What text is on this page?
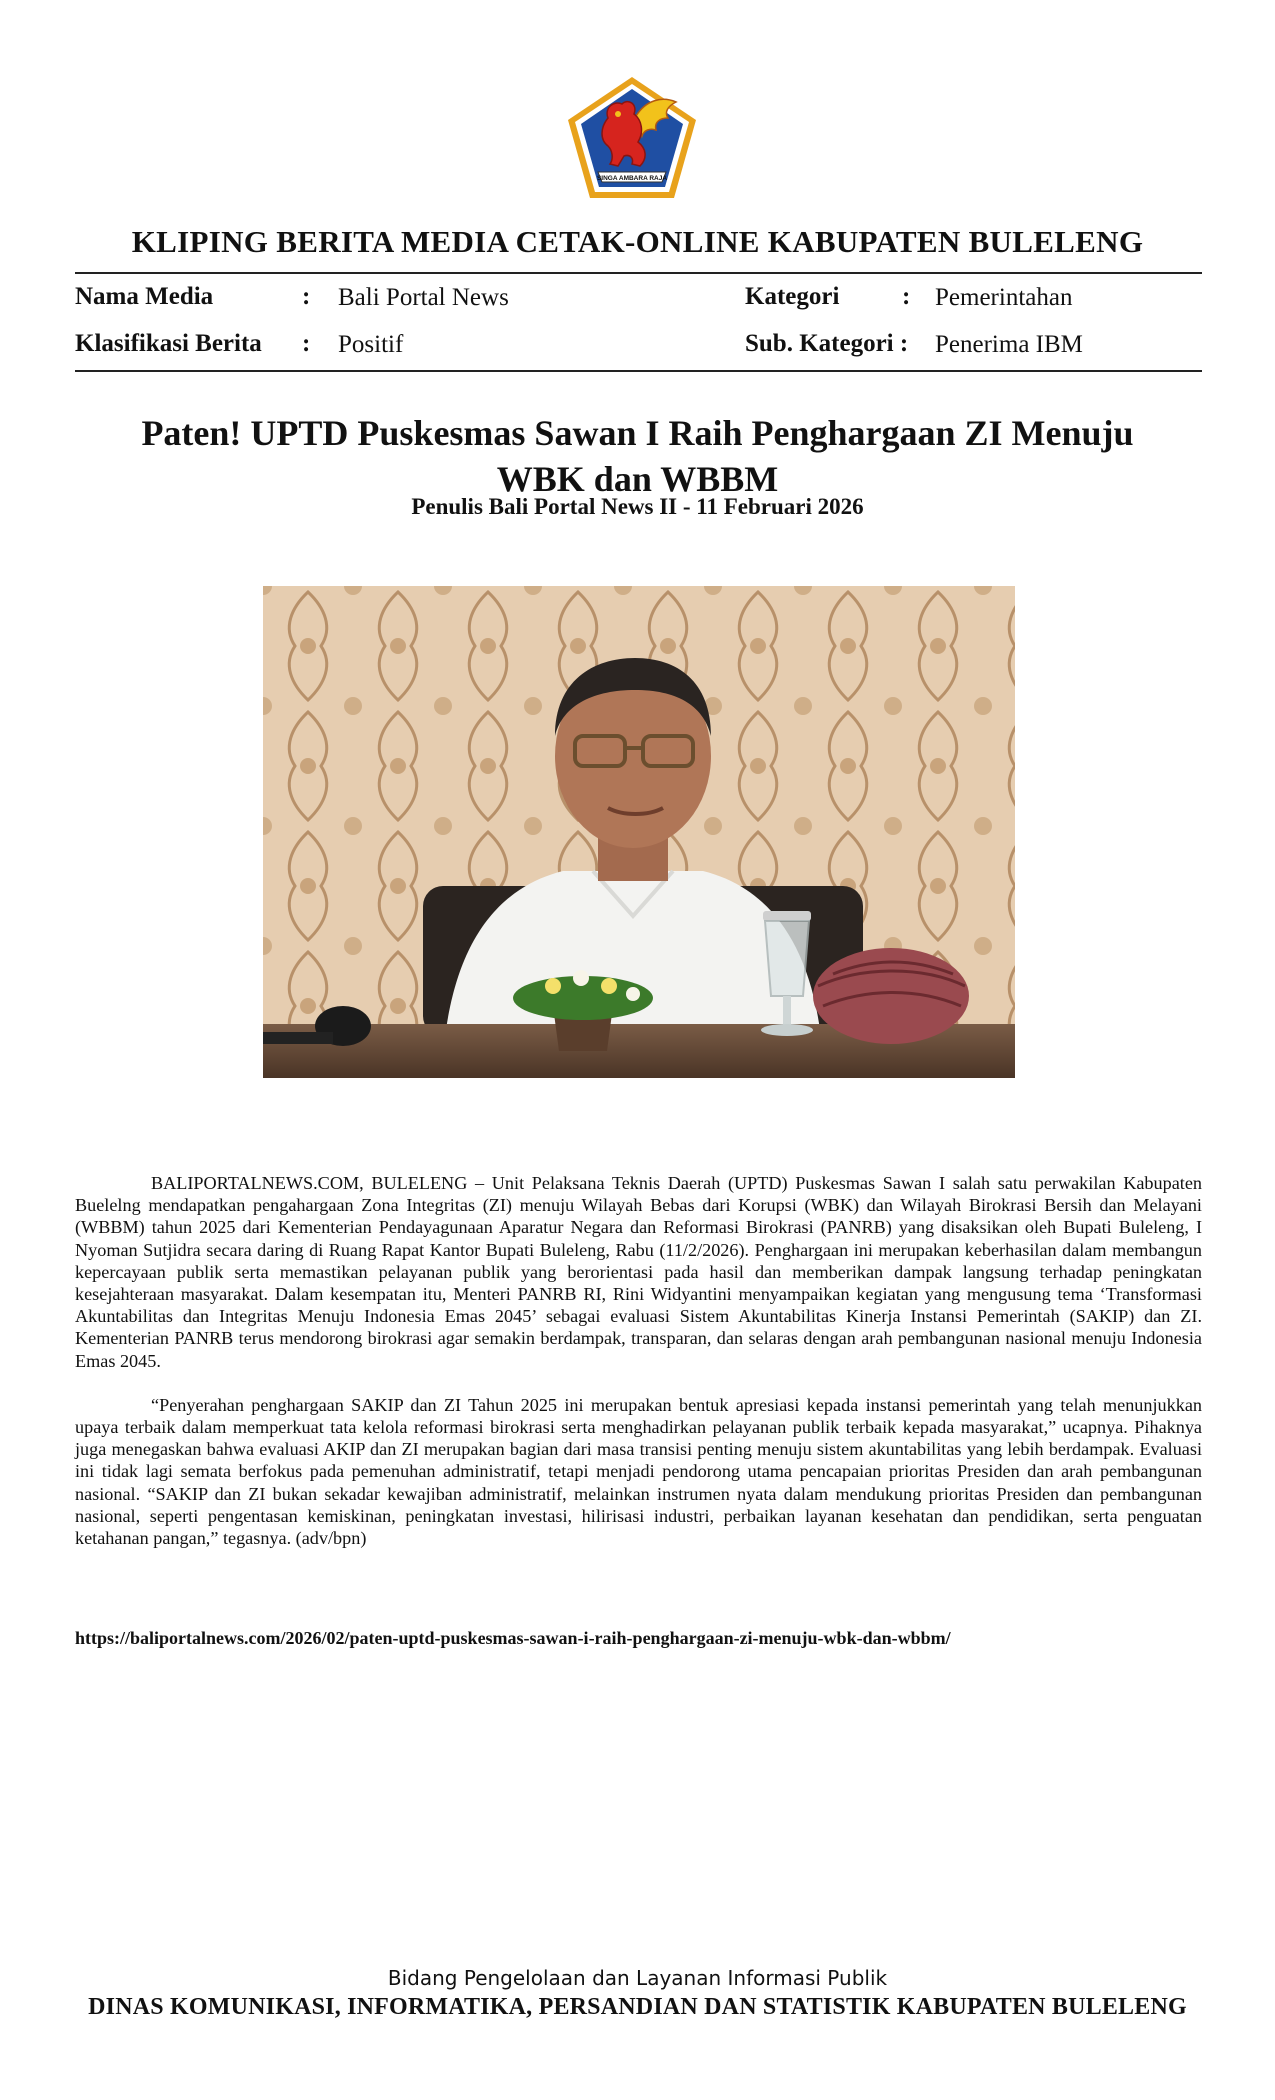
SINGA AMBARA RAJA
KLIPING BERITA MEDIA CETAK-ONLINE KABUPATEN BULELENG
Nama Media	: Bali Portal News	Kategori	: Pemerintahan
Klasifikasi Berita : Positif	Sub. Kategori : Penerima IBM
Paten! UPTD Puskesmas Sawan I Raih Penghargaan ZI Menuju WBK dan WBBM
Penulis Bali Portal News II - 11 Februari 2026

BALIPORTALNEWS.COM, BULELENG – Unit Pelaksana Teknis Daerah (UPTD) Puskesmas Sawan I salah satu perwakilan Kabupaten Buelelng mendapatkan pengahargaan Zona Integritas (ZI) menuju Wilayah Bebas dari Korupsi (WBK) dan Wilayah Birokrasi Bersih dan Melayani (WBBM) tahun 2025 dari Kementerian Pendayagunaan Aparatur Negara dan Reformasi Birokrasi (PANRB) yang disaksikan oleh Bupati Buleleng, I Nyoman Sutjidra secara daring di Ruang Rapat Kantor Bupati Buleleng, Rabu (11/2/2026). Penghargaan ini merupakan keberhasilan dalam membangun kepercayaan publik serta memastikan pelayanan publik yang berorientasi pada hasil dan memberikan dampak langsung terhadap peningkatan kesejahteraan masyarakat. Dalam kesempatan itu, Menteri PANRB RI, Rini Widyantini menyampaikan kegiatan yang mengusung tema ‘Transformasi Akuntabilitas dan Integritas Menuju Indonesia Emas 2045’ sebagai evaluasi Sistem Akuntabilitas Kinerja Instansi Pemerintah (SAKIP) dan ZI. Kementerian PANRB terus mendorong birokrasi agar semakin berdampak, transparan, dan selaras dengan arah pembangunan nasional menuju Indonesia Emas 2045.

“Penyerahan penghargaan SAKIP dan ZI Tahun 2025 ini merupakan bentuk apresiasi kepada instansi pemerintah yang telah menunjukkan upaya terbaik dalam memperkuat tata kelola reformasi birokrasi serta menghadirkan pelayanan publik terbaik kepada masyarakat,” ucapnya. Pihaknya juga menegaskan bahwa evaluasi AKIP dan ZI merupakan bagian dari masa transisi penting menuju sistem akuntabilitas yang lebih berdampak. Evaluasi ini tidak lagi semata berfokus pada pemenuhan administratif, tetapi menjadi pendorong utama pencapaian prioritas Presiden dan arah pembangunan nasional. “SAKIP dan ZI bukan sekadar kewajiban administratif, melainkan instrumen nyata dalam mendukung prioritas Presiden dan pembangunan nasional, seperti pengentasan kemiskinan, peningkatan investasi, hilirisasi industri, perbaikan layanan kesehatan dan pendidikan, serta penguatan ketahanan pangan,” tegasnya. (adv/bpn)

https://baliportalnews.com/2026/02/paten-uptd-puskesmas-sawan-i-raih-penghargaan-zi-menuju-wbk-dan-wbbm/
Bidang Pengelolaan dan Layanan Informasi Publik
DINAS KOMUNIKASI, INFORMATIKA, PERSANDIAN DAN STATISTIK KABUPATEN BULELENG
